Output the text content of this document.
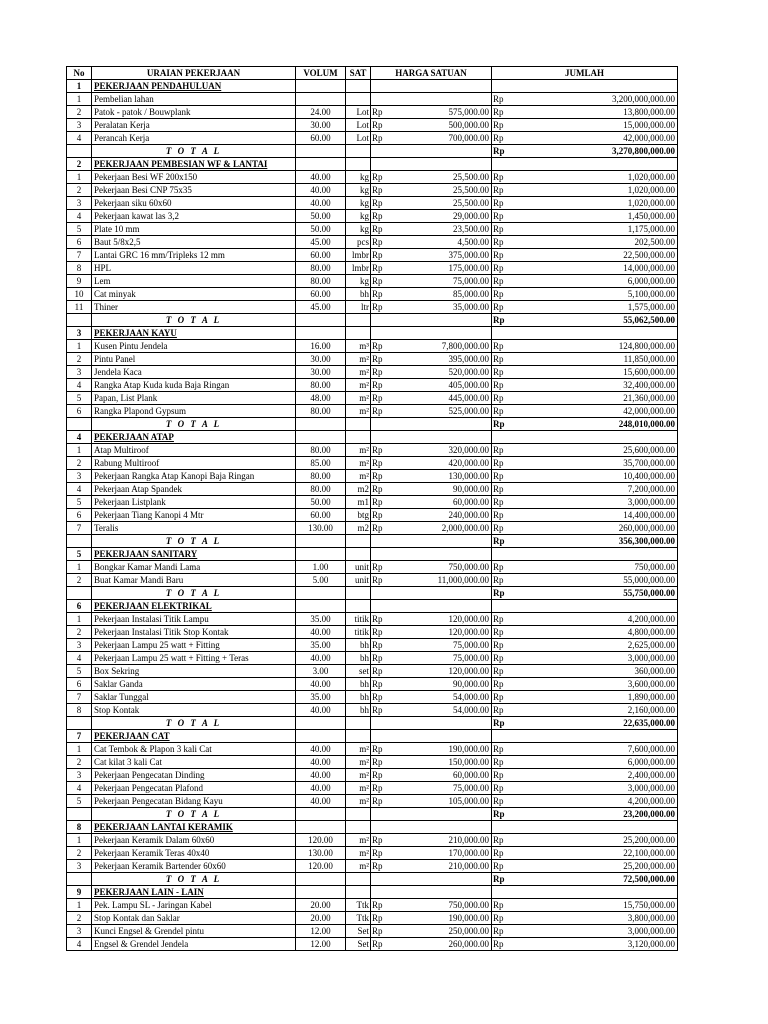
No	URAIAN PEKERJAAN	VOLUM	SAT	HARGA SATUAN		JUMLAH	
1	PEKERJAAN PENDAHULUAN						
1	Pembelian lahan					Rp	3,200,000,000.00
2	Patok - patok / Bouwplank	24.00	Lot	Rp	575,000.00	Rp	13,800,000.00
3	Peralatan Kerja	30.00	Lot	Rp	500,000.00	Rp	15,000,000.00
4	Perancah Kerja	60.00	Lot	Rp	700,000.00	Rp	42,000,000.00
	T O T A L					Rp	3,270,800,000.00
2	PEKERJAAN PEMBESIAN WF & LANTAI						
1	Pekerjaan Besi WF 200x150	40.00	kg	Rp	25,500.00	Rp	1,020,000.00
2	Pekerjaan Besi CNP 75x35	40.00	kg	Rp	25,500.00	Rp	1,020,000.00
3	Pekerjaan siku 60x60	40.00	kg	Rp	25,500.00	Rp	1,020,000.00
4	Pekerjaan kawat las 3,2	50.00	kg	Rp	29,000.00	Rp	1,450,000.00
5	Plate 10 mm	50.00	kg	Rp	23,500.00	Rp	1,175,000.00
6	Baut 5/8x2,5	45.00	pcs	Rp	4,500.00	Rp	202,500.00
7	Lantai GRC 16 mm/Tripleks 12 mm	60.00	lmbr	Rp	375,000.00	Rp	22,500,000.00
8	HPL	80.00	lmbr	Rp	175,000.00	Rp	14,000,000.00
9	Lem	80.00	kg	Rp	75,000.00	Rp	6,000,000.00
10	Cat minyak	60.00	bh	Rp	85,000.00	Rp	5,100,000.00
11	Thiner	45.00	ltr	Rp	35,000.00	Rp	1,575,000.00
	T O T A L					Rp	55,062,500.00
3	PEKERJAAN KAYU						
1	Kusen Pintu Jendela	16.00	m³	Rp	7,800,000.00	Rp	124,800,000.00
2	Pintu Panel	30.00	m²	Rp	395,000.00	Rp	11,850,000.00
3	Jendela Kaca	30.00	m²	Rp	520,000.00	Rp	15,600,000.00
4	Rangka Atap Kuda kuda Baja Ringan	80.00	m²	Rp	405,000.00	Rp	32,400,000.00
5	Papan, List Plank	48.00	m²	Rp	445,000.00	Rp	21,360,000.00
6	Rangka Plapond Gypsum	80.00	m²	Rp	525,000.00	Rp	42,000,000.00
	T O T A L					Rp	248,010,000.00
4	PEKERJAAN ATAP						
1	Atap Multiroof	80.00	m²	Rp	320,000.00	Rp	25,600,000.00
2	Rabung Multiroof	85.00	m²	Rp	420,000.00	Rp	35,700,000.00
3	Pekerjaan Rangka Atap Kanopi Baja Ringan	80.00	m²	Rp	130,000.00	Rp	10,400,000.00
4	Pekerjaan Atap Spandek	80.00	m2	Rp	90,000.00	Rp	7,200,000.00
5	Pekerjaan Listplank	50.00	m1	Rp	60,000.00	Rp	3,000,000.00
6	Pekerjaan Tiang Kanopi 4 Mtr	60.00	btg	Rp	240,000.00	Rp	14,400,000.00
7	Teralis	130.00	m2	Rp	2,000,000.00	Rp	260,000,000.00
	T O T A L					Rp	356,300,000.00
5	PEKERJAAN SANITARY						
1	Bongkar Kamar Mandi Lama	1.00	unit	Rp	750,000.00	Rp	750,000.00
2	Buat Kamar Mandi Baru	5.00	unit	Rp	11,000,000.00	Rp	55,000,000.00
	T O T A L					Rp	55,750,000.00
6	PEKERJAAN ELEKTRIKAL						
1	Pekerjaan Instalasi Titik Lampu	35.00	titik	Rp	120,000.00	Rp	4,200,000.00
2	Pekerjaan Instalasi Titik Stop Kontak	40.00	titik	Rp	120,000.00	Rp	4,800,000.00
3	Pekerjaan Lampu 25 watt + Fitting	35.00	bh	Rp	75,000.00	Rp	2,625,000.00
4	Pekerjaan Lampu 25 watt + Fitting + Teras	40.00	bh	Rp	75,000.00	Rp	3,000,000.00
5	Box Sekring	3.00	set	Rp	120,000.00	Rp	360,000.00
6	Saklar Ganda	40.00	bh	Rp	90,000.00	Rp	3,600,000.00
7	Saklar Tunggal	35.00	bh	Rp	54,000.00	Rp	1,890,000.00
8	Stop Kontak	40.00	bh	Rp	54,000.00	Rp	2,160,000.00
	T O T A L					Rp	22,635,000.00
7	PEKERJAAN CAT						
1	Cat Tembok & Plapon 3 kali Cat	40.00	m²	Rp	190,000.00	Rp	7,600,000.00
2	Cat kilat 3 kali Cat	40.00	m²	Rp	150,000.00	Rp	6,000,000.00
3	Pekerjaan Pengecatan Dinding	40.00	m²	Rp	60,000.00	Rp	2,400,000.00
4	Pekerjaan Pengecatan Plafond	40.00	m²	Rp	75,000.00	Rp	3,000,000.00
5	Pekerjaan Pengecatan Bidang Kayu	40.00	m²	Rp	105,000.00	Rp	4,200,000.00
	T O T A L					Rp	23,200,000.00
8	PEKERJAAN LANTAI KERAMIK						
1	Pekerjaan Keramik Dalam 60x60	120.00	m²	Rp	210,000.00	Rp	25,200,000.00
2	Pekerjaan Keramik Teras 40x40	130.00	m²	Rp	170,000.00	Rp	22,100,000.00
3	Pekerjaan Keramik Bartender 60x60	120.00	m²	Rp	210,000.00	Rp	25,200,000.00
	T O T A L					Rp	72,500,000.00
9	PEKERJAAN LAIN - LAIN						
1	Pek. Lampu SL - Jaringan Kabel	20.00	Ttk	Rp	750,000.00	Rp	15,750,000.00
2	Stop Kontak dan Saklar	20.00	Ttk	Rp	190,000.00	Rp	3,800,000.00
3	Kunci Engsel & Grendel pintu	12.00	Set	Rp	250,000.00	Rp	3,000,000.00
4	Engsel & Grendel Jendela	12.00	Set	Rp	260,000.00	Rp	3,120,000.00
